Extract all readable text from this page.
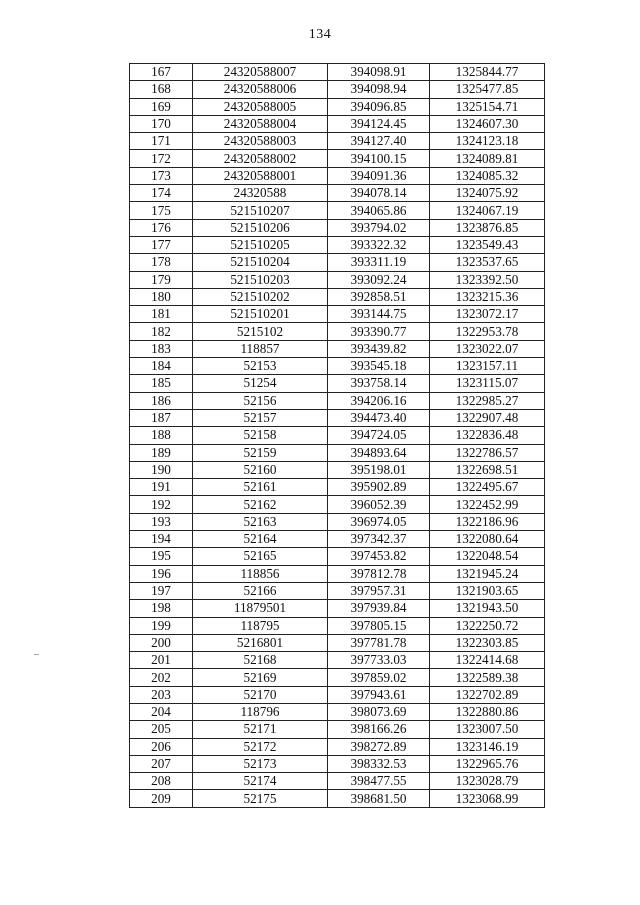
134
167	24320588007	394098.91	1325844.77
168	24320588006	394098.94	1325477.85
169	24320588005	394096.85	1325154.71
170	24320588004	394124.45	1324607.30
171	24320588003	394127.40	1324123.18
172	24320588002	394100.15	1324089.81
173	24320588001	394091.36	1324085.32
174	24320588	394078.14	1324075.92
175	521510207	394065.86	1324067.19
176	521510206	393794.02	1323876.85
177	521510205	393322.32	1323549.43
178	521510204	393311.19	1323537.65
179	521510203	393092.24	1323392.50
180	521510202	392858.51	1323215.36
181	521510201	393144.75	1323072.17
182	5215102	393390.77	1322953.78
183	118857	393439.82	1323022.07
184	52153	393545.18	1323157.11
185	51254	393758.14	1323115.07
186	52156	394206.16	1322985.27
187	52157	394473.40	1322907.48
188	52158	394724.05	1322836.48
189	52159	394893.64	1322786.57
190	52160	395198.01	1322698.51
191	52161	395902.89	1322495.67
192	52162	396052.39	1322452.99
193	52163	396974.05	1322186.96
194	52164	397342.37	1322080.64
195	52165	397453.82	1322048.54
196	118856	397812.78	1321945.24
197	52166	397957.31	1321903.65
198	11879501	397939.84	1321943.50
199	118795	397805.15	1322250.72
200	5216801	397781.78	1322303.85
201	52168	397733.03	1322414.68
202	52169	397859.02	1322589.38
203	52170	397943.61	1322702.89
204	118796	398073.69	1322880.86
205	52171	398166.26	1323007.50
206	52172	398272.89	1323146.19
207	52173	398332.53	1322965.76
208	52174	398477.55	1323028.79
209	52175	398681.50	1323068.99
